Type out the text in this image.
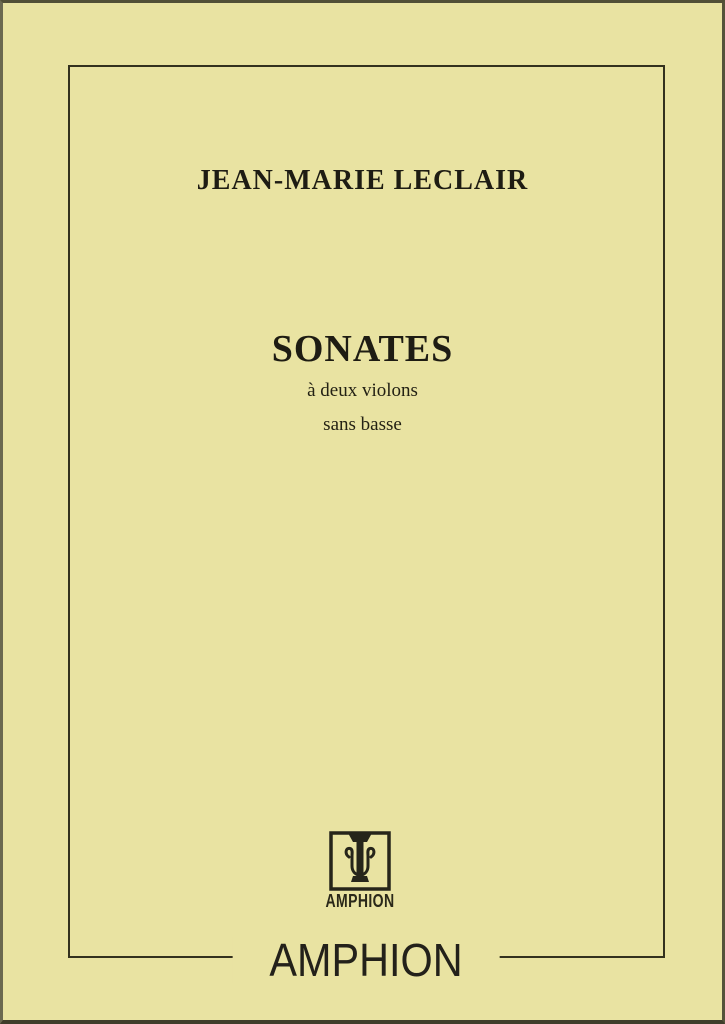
JEAN-MARIE LECLAIR
SONATES
à deux violons
sans basse
AMPHION
AMPHION
